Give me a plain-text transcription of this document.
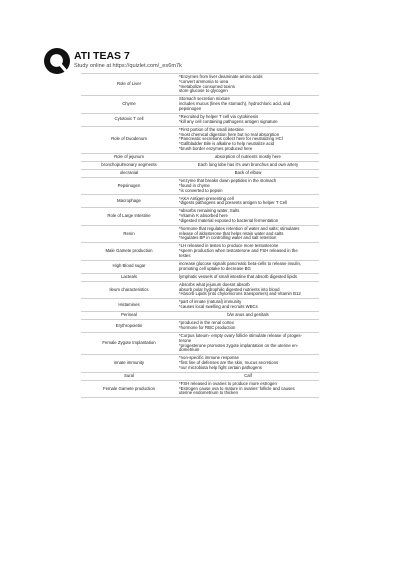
ATI TEAS 7
Study online at https://quizlet.com/_es6m7k
Role of Liver	*Enzymes from liver deaminate amino acids
*convert ammonia to urea
*metabolize consumed toxins
store glucose to glycogen
Chyme	Stomach secretion mixture
includes mucus (lines the stomach), hydrochloric acid, and
pepsinogen
Cytotoxic T cell	*Recruited by helper T cell via cytokinesis
*kill any cell containing pathogens antigen signature
Role of Duodenum	*First portion of the small intestine
*most chemical digestion here but no real absorption
*Pancreatic secretions collect here for neutralizing HCl
*Gallbladder Bile is alkaline to help neutralize acid
*brush border enzymes produced here
Role of jejunum	absorption of nutrients mostly here
bronchopulmonary segments	Each lung lobe has it's own bronchus and own artery
olecranial	Back of elbow
Pepsinogen	*enzyme that breaks down peptides in the stomach
*found in chyme
*is converted to pepsin
Macrophage	*AKA Antigen-presenting cell
*digests pathogens and presents antigen to helper T Cell
Role of Large Intestine	*absorbs remaining water, Salts
*Vitamin K absorbed here
*digested material exposed to bacterial fermentation
Renin	*hormone that regulates retention of water and salts; stimulates
release of aldosterone that helps retain water and salts
*regulates BP in controlling water and salt retention
Male Gamete production	*LH released in testes to produce more testosterone
*sperm production when testosterone and FSH released in the
testes
High Blood sugar	increase glucose signals pancreatic beta-cells to release insulin,
promoting cell uptake to decrease BG
Lacteals	lymphatic vessels of small intestine that absorb digested lipids
Ileum characteristics	Absorbs what jejunum doesnt absorb
absorb polar hydrophilic digested nutrients into blood
*Absorb Lipids (into chylomicrons transporters) and Vitamin B12
Histamines	*part of innate (natural) immunity
*causes local swelling and recruits WBCs
Perineal	b/w anus and genitals
Erythropoietin	*produced in the renal cortex
*hormone for RBC production
Female Zygote Implantation	*Corpus luteum- empty ovary follicle stimulate release of proges-
terone
*progesterone promotes zygote implantation on the uterine en-
dometrium
innate immunity	*non-specific immune response
*first line of defenses are the skin, mucus secretions
*our microbiota help fight certain pathogens
Sural	Calf
Female Gamete production	*FSH released in ovaries to produce more estrogen
*Estrogen cause ova to mature in ovaries' follicle and causes
uterine endometrium to thicken
